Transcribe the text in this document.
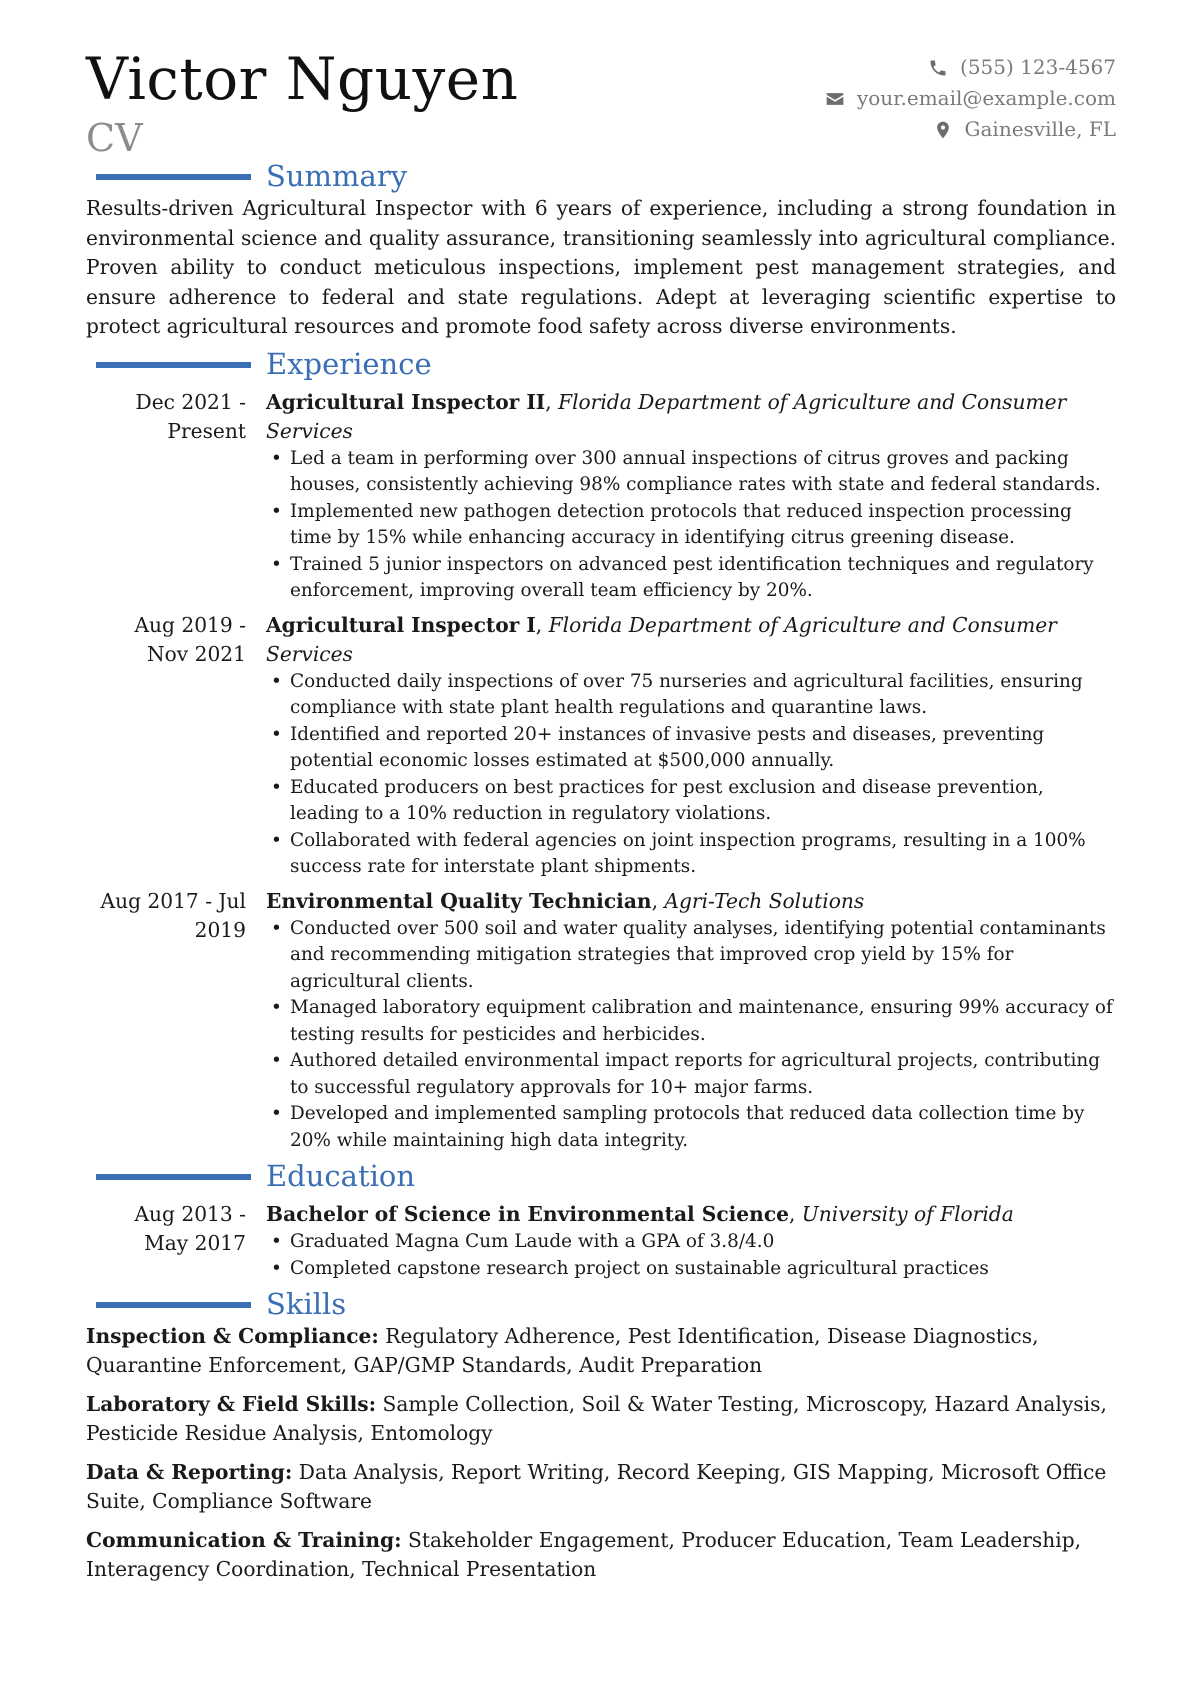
Victor Nguyen
CV
(555) 123-4567
your.email@example.com
Gainesville, FL
Summary

Results-driven Agricultural Inspector with 6 years of experience, including a strong foundation in environmental science and quality assurance, transitioning seamlessly into agricultural compliance. Proven ability to conduct meticulous inspections, implement pest management strategies, and ensure adherence to federal and state regulations. Adept at leveraging scientific expertise to protect agricultural resources and promote food safety across diverse environments.

Experience
Dec 2021 -
Present
Agricultural Inspector II, Florida Department of Agriculture and Consumer Services
• Led a team in performing over 300 annual inspections of citrus groves and packing houses, consistently achieving 98% compliance rates with state and federal standards.
• Implemented new pathogen detection protocols that reduced inspection processing time by 15% while enhancing accuracy in identifying citrus greening disease.
• Trained 5 junior inspectors on advanced pest identification techniques and regulatory enforcement, improving overall team efficiency by 20%.
Aug 2019 -
Nov 2021
Agricultural Inspector I, Florida Department of Agriculture and Consumer Services
• Conducted daily inspections of over 75 nurseries and agricultural facilities, ensuring compliance with state plant health regulations and quarantine laws.
• Identified and reported 20+ instances of invasive pests and diseases, preventing potential economic losses estimated at $500,000 annually.
• Educated producers on best practices for pest exclusion and disease prevention, leading to a 10% reduction in regulatory violations.
• Collaborated with federal agencies on joint inspection programs, resulting in a 100% success rate for interstate plant shipments.
Aug 2017 - Jul
2019
Environmental Quality Technician, Agri-Tech Solutions
• Conducted over 500 soil and water quality analyses, identifying potential contaminants and recommending mitigation strategies that improved crop yield by 15% for agricultural clients.
• Managed laboratory equipment calibration and maintenance, ensuring 99% accuracy of testing results for pesticides and herbicides.
• Authored detailed environmental impact reports for agricultural projects, contributing to successful regulatory approvals for 10+ major farms.
• Developed and implemented sampling protocols that reduced data collection time by 20% while maintaining high data integrity.
Education
Aug 2013 -
May 2017
Bachelor of Science in Environmental Science, University of Florida
• Graduated Magna Cum Laude with a GPA of 3.8/4.0
• Completed capstone research project on sustainable agricultural practices
Skills

Inspection & Compliance: Regulatory Adherence, Pest Identification, Disease Diagnostics, Quarantine Enforcement, GAP/GMP Standards, Audit Preparation

Laboratory & Field Skills: Sample Collection, Soil & Water Testing, Microscopy, Hazard Analysis, Pesticide Residue Analysis, Entomology

Data & Reporting: Data Analysis, Report Writing, Record Keeping, GIS Mapping, Microsoft Office Suite, Compliance Software

Communication & Training: Stakeholder Engagement, Producer Education, Team Leadership, Interagency Coordination, Technical Presentation
